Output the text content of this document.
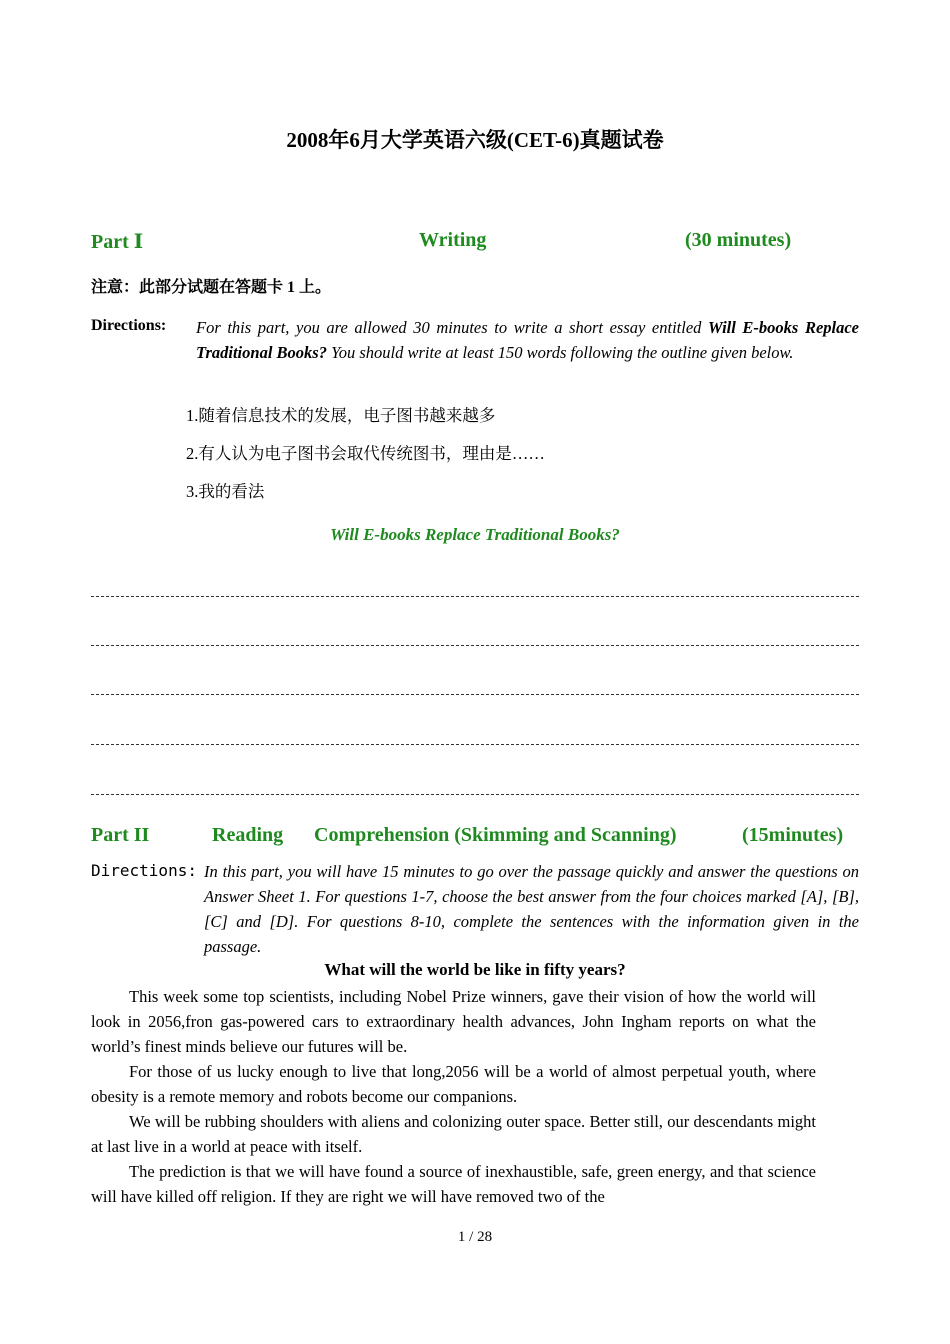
2008年6月大学英语六级(CET-6)真题试卷
Part Ⅰ	Writing	(30 minutes)
注意：此部分试题在答题卡 1 上。
Directions: For this part, you are allowed 30 minutes to write a short essay entitled Will E-books Replace Traditional Books? You should write at least 150 words following the outline given below.
1.随着信息技术的发展，电子图书越来越多
2.有人认为电子图书会取代传统图书，理由是……
3.我的看法
Will E-books Replace Traditional Books?
Part II	Reading Comprehension (Skimming and Scanning)	(15minutes)
Directions: In this part, you will have 15 minutes to go over the passage quickly and answer the questions on Answer Sheet 1. For questions 1-7, choose the best answer from the four choices marked [A], [B], [C] and [D]. For questions 8-10, complete the sentences with the information given in the passage.
What will the world be like in fifty years?

This week some top scientists, including Nobel Prize winners, gave their vision of how the world will look in 2056,fron gas-powered cars to extraordinary health advances, John Ingham reports on what the world’s finest minds believe our futures will be.

For those of us lucky enough to live that long,2056 will be a world of almost perpetual youth, where obesity is a remote memory and robots become our companions.

We will be rubbing shoulders with aliens and colonizing outer space. Better still, our descendants might at last live in a world at peace with itself.

The prediction is that we will have found a source of inexhaustible, safe, green energy, and that science will have killed off religion. If they are right we will have removed two of the

1 / 28
